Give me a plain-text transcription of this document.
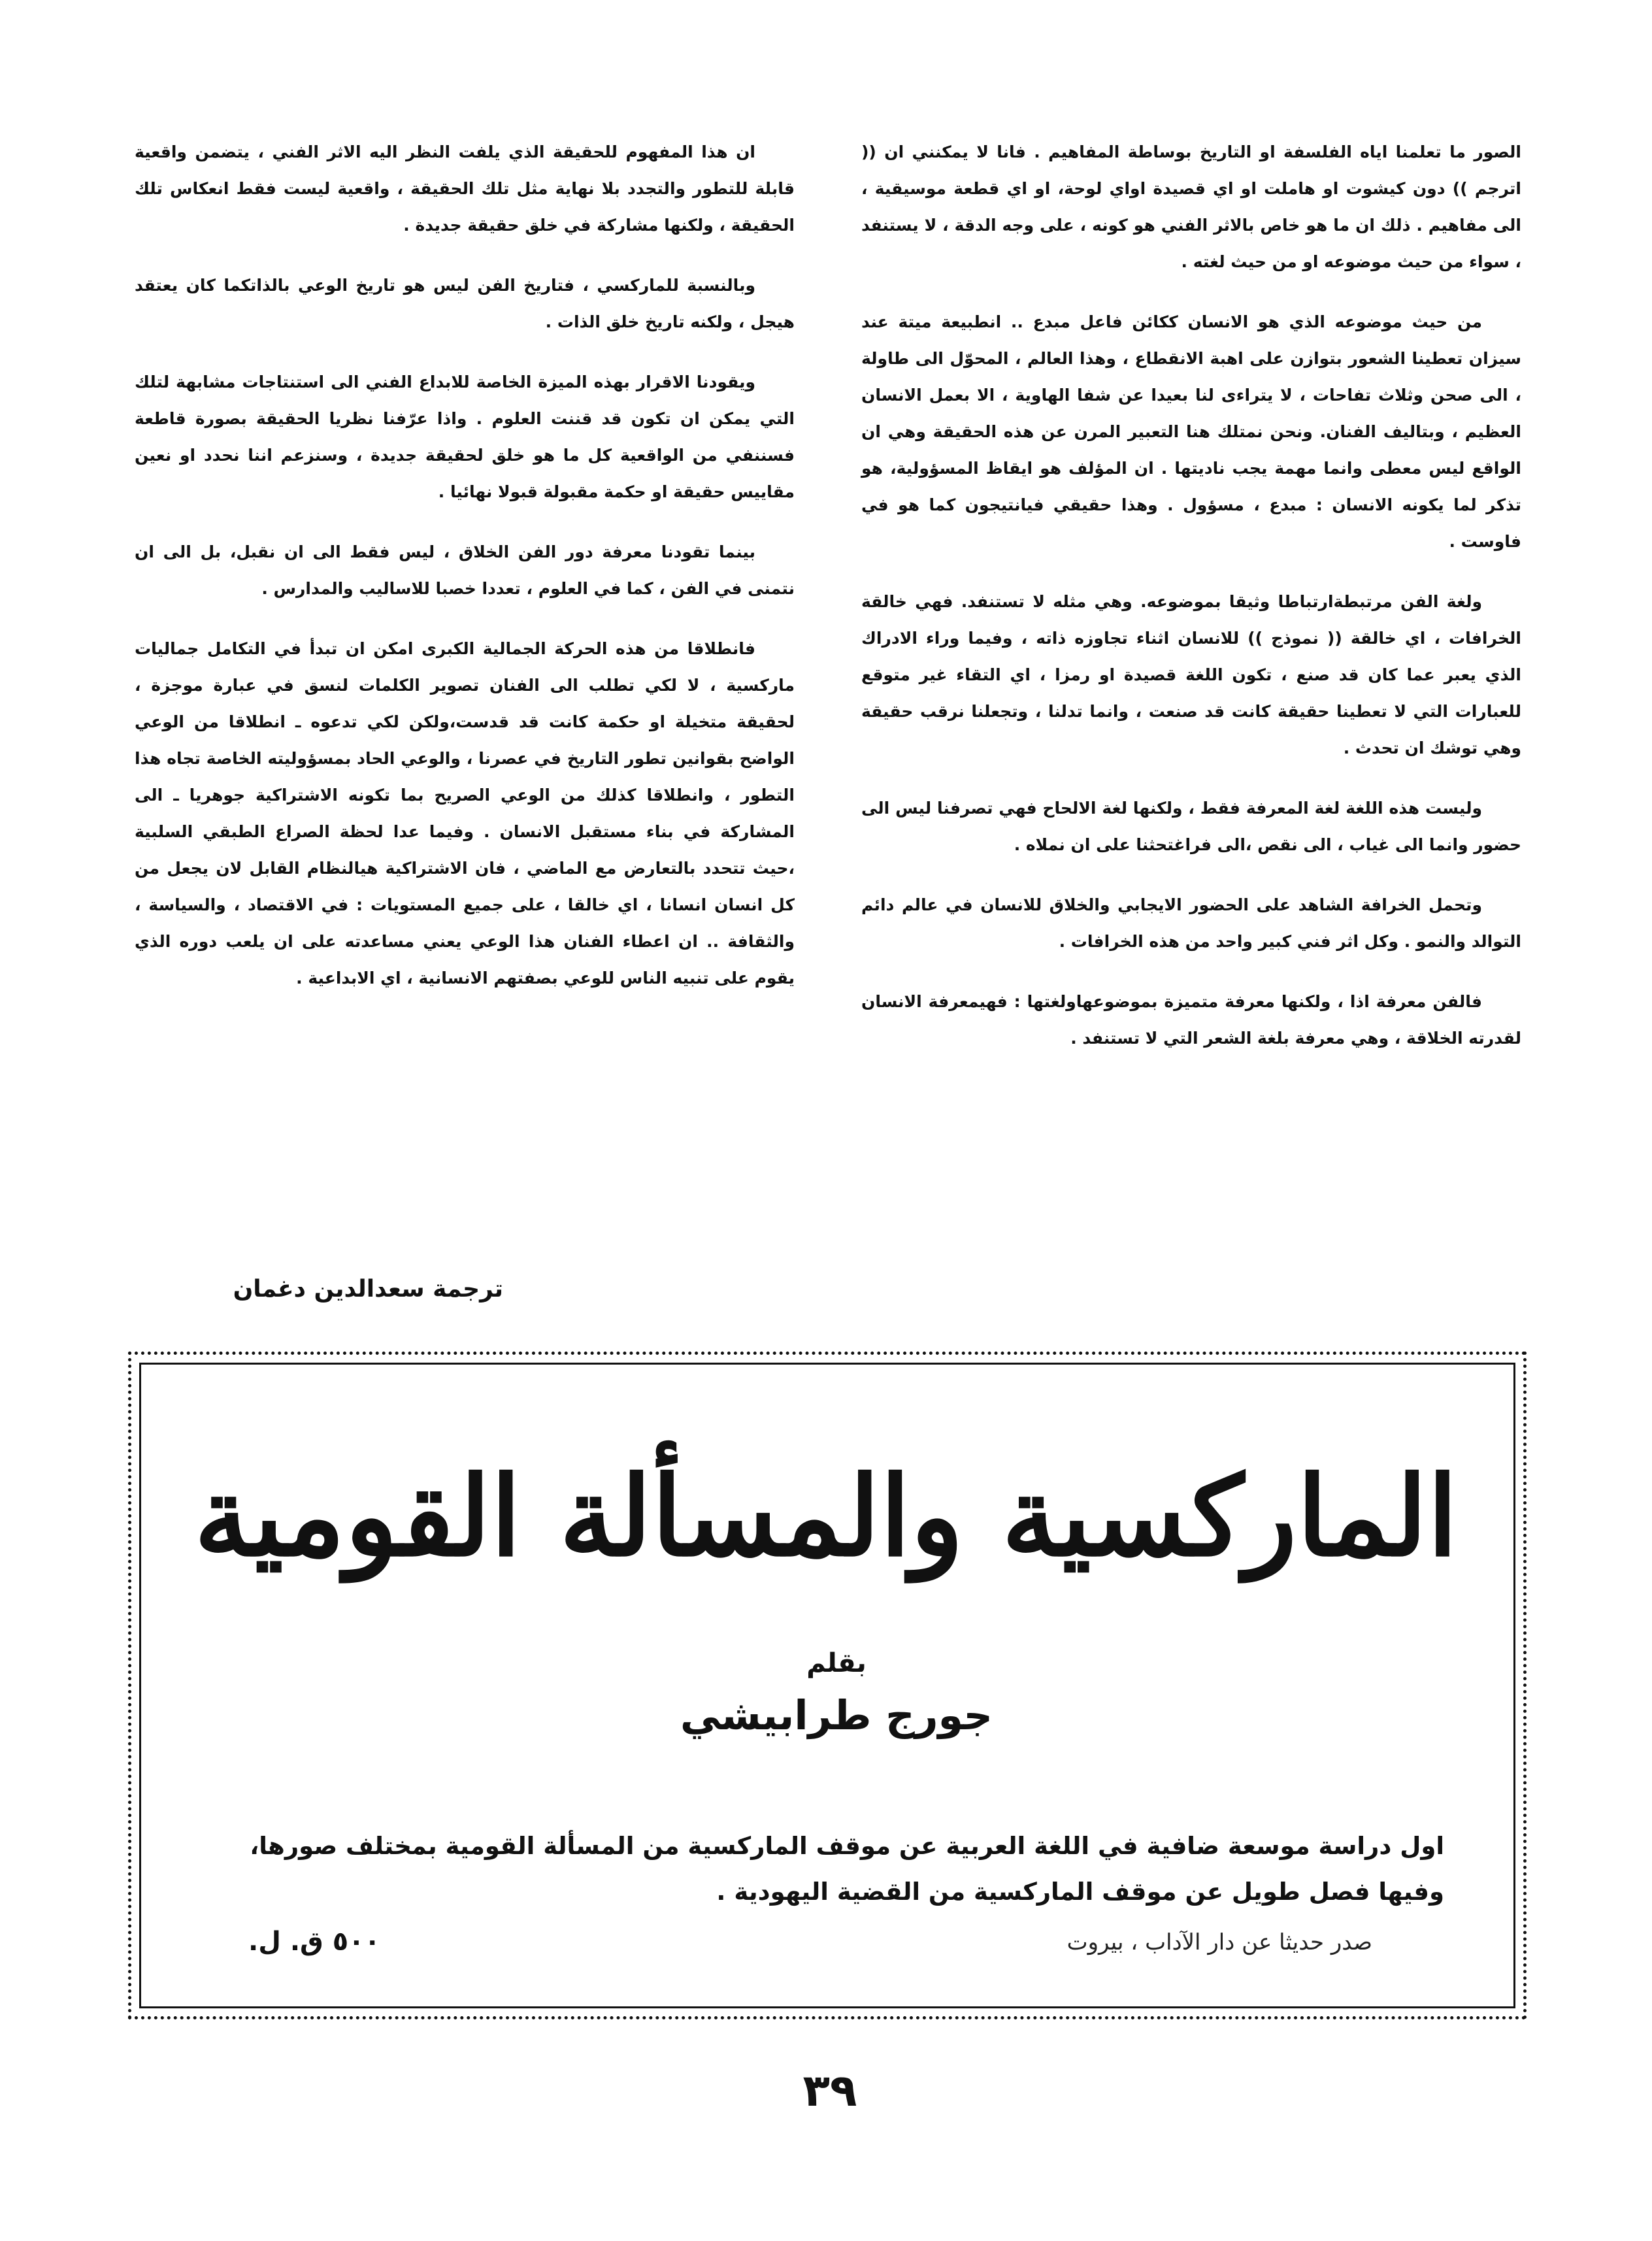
الصور ما تعلمنا اياه الفلسفة او التاريخ بوساطة المفاهيم . فانا لا يمكنني ان (( اترجم )) دون كيشوت او هاملت او اي قصيدة اواي لوحة، او اي قطعة موسيقية ، الى مفاهيم . ذلك ان ما هو خاص بالاثر الفني هو كونه ، على وجه الدقة ، لا يستنفد ، سواء من حيث موضوعه او من حيث لغته .

من حيث موضوعه الذي هو الانسان ككائن فاعل مبدع .. انطبيعة ميتة عند سيزان تعطينا الشعور بتوازن على اهبة الانقطاع ، وهذا العالم ، المحوّل الى طاولة ، الى صحن وثلاث تفاحات ، لا يتراءى لنا بعيدا عن شفا الهاوية ، الا بعمل الانسان العظيم ، وبتاليف الفنان. ونحن نمتلك هنا التعبير المرن عن هذه الحقيقة وهي ان الواقع ليس معطى وانما مهمة يجب ناديتها . ان المؤلف هو ايقاظ المسؤولية، هو تذكر لما يكونه الانسان : مبدع ، مسؤول . وهذا حقيقي فيانتيجون كما هو في فاوست .

ولغة الفن مرتبطةارتباطا وثيقا بموضوعه. وهي مثله لا تستنفد. فهي خالقة الخرافات ، اي خالقة (( نموذج )) للانسان اثناء تجاوزه ذاته ، وفيما وراء الادراك الذي يعبر عما كان قد صنع ، تكون اللغة قصيدة او رمزا ، اي التقاء غير متوقع للعبارات التي لا تعطينا حقيقة كانت قد صنعت ، وانما تدلنا ، وتجعلنا نرقب حقيقة وهي توشك ان تحدث .

وليست هذه اللغة لغة المعرفة فقط ، ولكنها لغة الالحاح فهي تصرفنا ليس الى حضور وانما الى غياب ، الى نقص ،الى فراغتحثنا على ان نملاه .

وتحمل الخرافة الشاهد على الحضور الايجابي والخلاق للانسان في عالم دائم التوالد والنمو . وكل اثر فني كبير واحد من هذه الخرافات .

فالفن معرفة اذا ، ولكنها معرفة متميزة بموضوعهاولغتها : فهيمعرفة الانسان لقدرته الخلاقة ، وهي معرفة بلغة الشعر التي لا تستنفد .

ان هذا المفهوم للحقيقة الذي يلفت النظر اليه الاثر الفني ، يتضمن واقعية قابلة للتطور والتجدد بلا نهاية مثل تلك الحقيقة ، واقعية ليست فقط انعكاس تلك الحقيقة ، ولكنها مشاركة في خلق حقيقة جديدة .

وبالنسبة للماركسي ، فتاريخ الفن ليس هو تاريخ الوعي بالذاتكما كان يعتقد هيجل ، ولكنه تاريخ خلق الذات .

ويقودنا الاقرار بهذه الميزة الخاصة للابداع الفني الى استنتاجات مشابهة لتلك التي يمكن ان تكون قد قننت العلوم . واذا عرّفنا نظريا الحقيقة بصورة قاطعة فسننفي من الواقعية كل ما هو خلق لحقيقة جديدة ، وسنزعم اننا نحدد او نعين مقاييس حقيقة او حكمة مقبولة قبولا نهائيا .

بينما تقودنا معرفة دور الفن الخلاق ، ليس فقط الى ان نقبل، بل الى ان نتمنى في الفن ، كما في العلوم ، تعددا خصبا للاساليب والمدارس .

فانطلاقا من هذه الحركة الجمالية الكبرى امكن ان تبدأ في التكامل جماليات ماركسية ، لا لكي تطلب الى الفنان تصوير الكلمات لنسق في عبارة موجزة ، لحقيقة متخيلة او حكمة كانت قد قدست،ولكن لكي تدعوه ـ انطلاقا من الوعي الواضح بقوانين تطور التاريخ في عصرنا ، والوعي الحاد بمسؤوليته الخاصة تجاه هذا التطور ، وانطلاقا كذلك من الوعي الصريح بما تكونه الاشتراكية جوهريا ـ الى المشاركة في بناء مستقبل الانسان . وفيما عدا لحظة الصراع الطبقي السلبية ،حيث تتحدد بالتعارض مع الماضي ، فان الاشتراكية هيالنظام القابل لان يجعل من كل انسان انسانا ، اي خالقا ، على جميع المستويات : في الاقتصاد ، والسياسة ، والثقافة .. ان اعطاء الفنان هذا الوعي يعني مساعدته على ان يلعب دوره الذي يقوم على تنبيه الناس للوعي بصفتهم الانسانية ، اي الابداعية .

ترجمة سعدالدين دغمان
الماركسية والمسألة القومية
بقلم
جورج طرابيشي
اول دراسة موسعة ضافية في اللغة العربية عن موقف الماركسية من المسألة القومية بمختلف صورها، وفيها فصل طويل عن موقف الماركسية من القضية اليهودية .
صدر حديثا عن دار الآداب ، بيروت
٥٠٠ ق. ل.
٣٩
